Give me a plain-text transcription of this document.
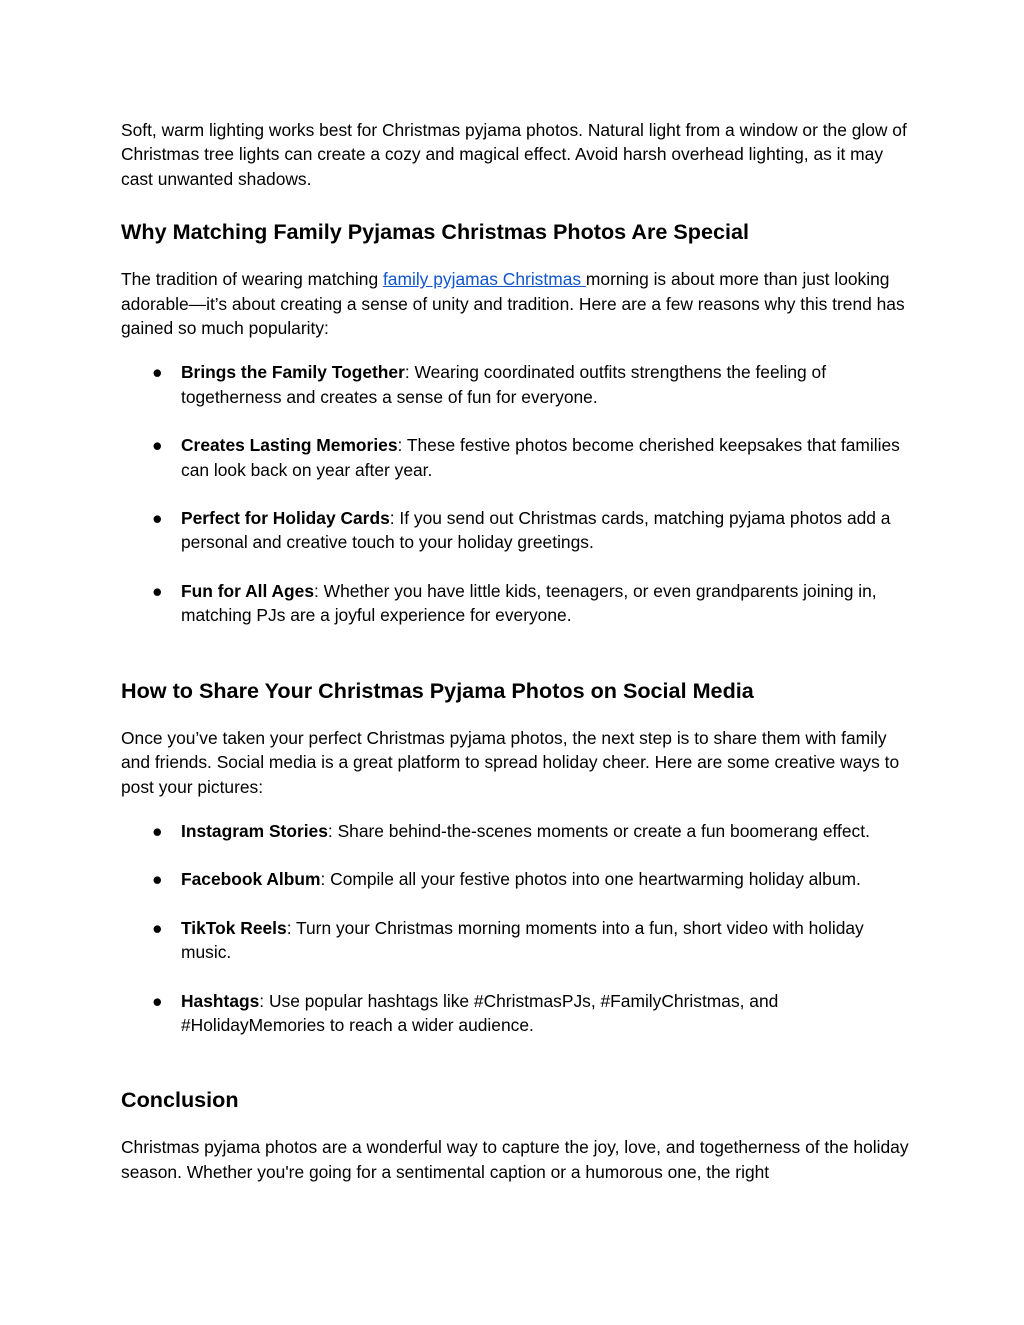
Soft, warm lighting works best for Christmas pyjama photos. Natural light from a window or the glow of Christmas tree lights can create a cozy and magical effect. Avoid harsh overhead lighting, as it may cast unwanted shadows.

Why Matching Family Pyjamas Christmas Photos Are Special

The tradition of wearing matching family pyjamas Christmas morning is about more than just looking adorable—it’s about creating a sense of unity and tradition. Here are a few reasons why this trend has gained so much popularity:

● Brings the Family Together: Wearing coordinated outfits strengthens the feeling of togetherness and creates a sense of fun for everyone.
● Creates Lasting Memories: These festive photos become cherished keepsakes that families can look back on year after year.
● Perfect for Holiday Cards: If you send out Christmas cards, matching pyjama photos add a personal and creative touch to your holiday greetings.
● Fun for All Ages: Whether you have little kids, teenagers, or even grandparents joining in, matching PJs are a joyful experience for everyone.
How to Share Your Christmas Pyjama Photos on Social Media

Once you’ve taken your perfect Christmas pyjama photos, the next step is to share them with family and friends. Social media is a great platform to spread holiday cheer. Here are some creative ways to post your pictures:

● Instagram Stories: Share behind-the-scenes moments or create a fun boomerang effect.
● Facebook Album: Compile all your festive photos into one heartwarming holiday album.
● TikTok Reels: Turn your Christmas morning moments into a fun, short video with holiday music.
● Hashtags: Use popular hashtags like #ChristmasPJs, #FamilyChristmas, and #HolidayMemories to reach a wider audience.
Conclusion

Christmas pyjama photos are a wonderful way to capture the joy, love, and togetherness of the holiday season. Whether you're going for a sentimental caption or a humorous one, the right
